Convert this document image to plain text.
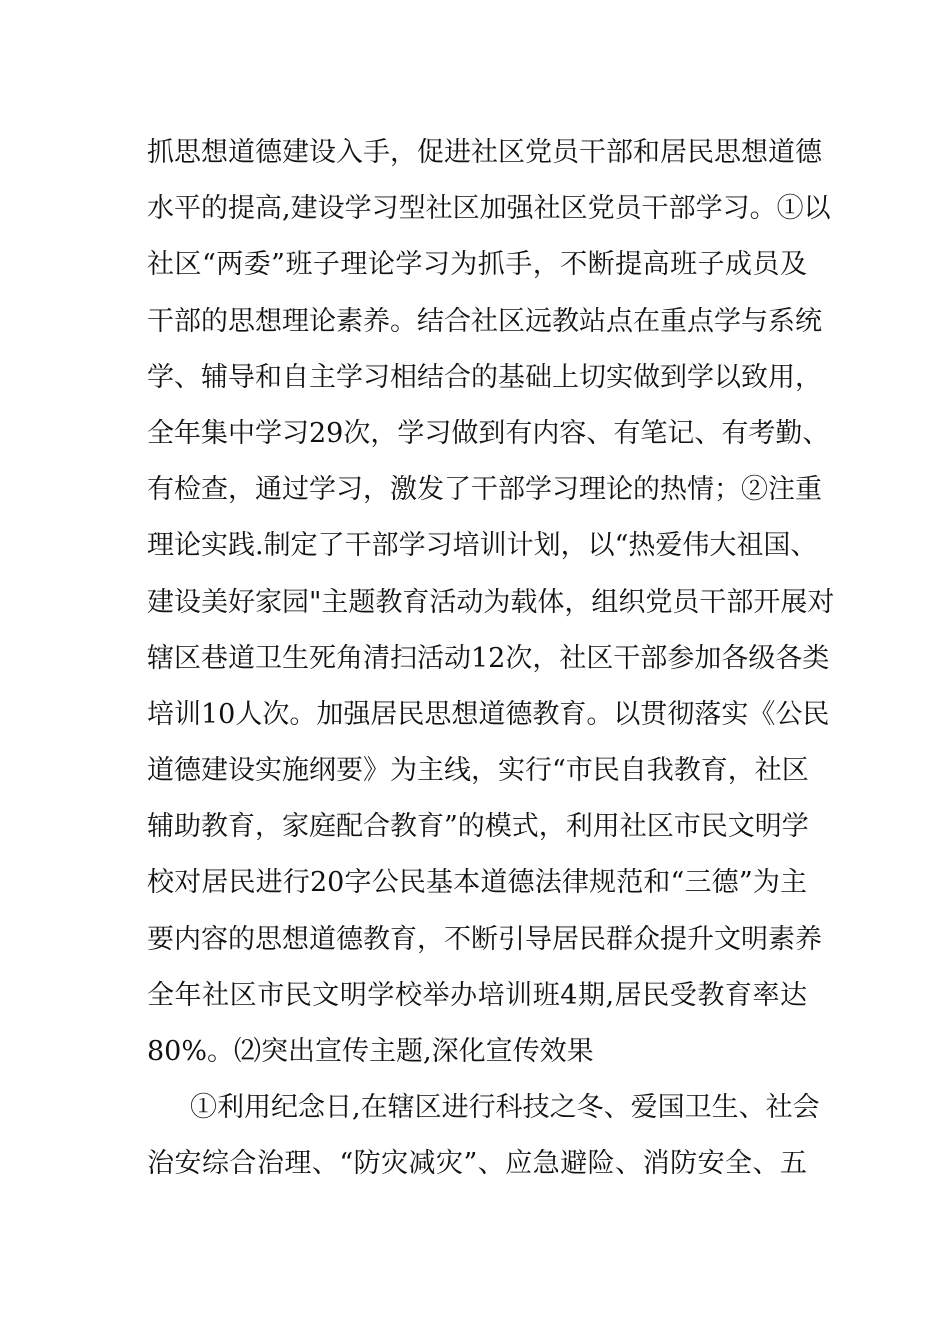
抓思想道德建设入手，促进社区党员干部和居民思想道德
水平的提高,建设学习型社区加强社区党员干部学习。①以
社区“两委”班子理论学习为抓手，不断提高班子成员及
干部的思想理论素养。结合社区远教站点在重点学与系统
学、辅导和自主学习相结合的基础上切实做到学以致用，
全年集中学习29次，学习做到有内容、有笔记、有考勤、
有检查，通过学习，激发了干部学习理论的热情；②注重
理论实践.制定了干部学习培训计划，以“热爱伟大祖国、
建设美好家园"主题教育活动为载体，组织党员干部开展对
辖区巷道卫生死角清扫活动12次，社区干部参加各级各类
培训10人次。加强居民思想道德教育。以贯彻落实《公民
道德建设实施纲要》为主线，实行“市民自我教育，社区
辅助教育，家庭配合教育”的模式，利用社区市民文明学
校对居民进行20字公民基本道德法律规范和“三德”为主
要内容的思想道德教育，不断引导居民群众提升文明素养
全年社区市民文明学校举办培训班4期,居民受教育率达
80%。⑵突出宣传主题,深化宣传效果
①利用纪念日,在辖区进行科技之冬、爱国卫生、社会
治安综合治理、“防灾减灾”、应急避险、消防安全、五
